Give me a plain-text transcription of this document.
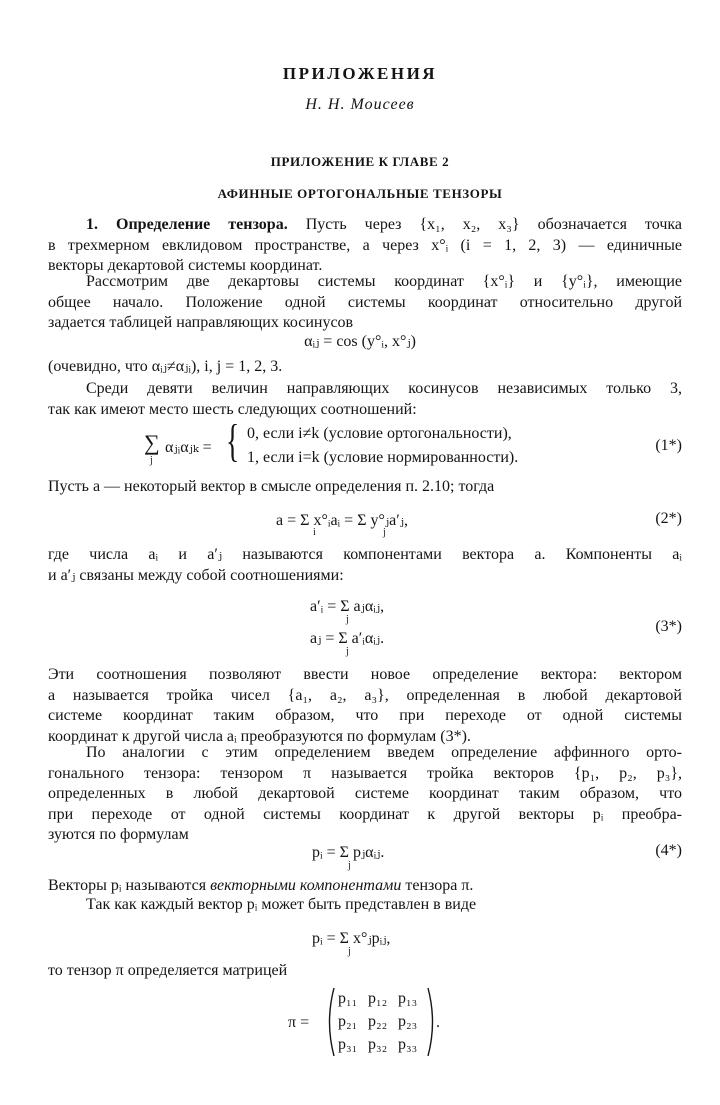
ПРИЛОЖЕНИЯ
Н. Н. Моисеев
ПРИЛОЖЕНИЕ К ГЛАВЕ 2
АФИННЫЕ ОРТОГОНАЛЬНЫЕ ТЕНЗОРЫ
1. Определение тензора. Пусть через {x₁, x₂, x₃} обозначается точка
в трехмерном евклидовом пространстве, а через x°ᵢ (i = 1, 2, 3) — единичные
векторы декартовой системы координат.
Рассмотрим две декартовы системы координат {x°ᵢ} и {y°ᵢ}, имеющие
общее начало. Положение одной системы координат относительно другой
задается таблицей направляющих косинусов
αᵢⱼ = cos (y°ᵢ, x°ⱼ)
(очевидно, что αᵢⱼ≠αⱼᵢ), i, j = 1, 2, 3.
Среди девяти величин направляющих косинусов независимых только 3,
так как имеют место шесть следующих соотношений:
∑
j
αⱼᵢαⱼₖ = { 0, если i≠k (условие ортогональности),
1, если i=k (условие нормированности).
(1*)
Пусть a — некоторый вектор в смысле определения п. 2.10; тогда
a = Σ x°ᵢaᵢ = Σ y°ⱼa′ⱼ,
i	j
(2*)
где числа aᵢ и a′ⱼ называются компонентами вектора a. Компоненты aᵢ
и a′ⱼ связаны между собой соотношениями:
a′ᵢ = Σ aⱼαᵢⱼ,
j
aⱼ = Σ a′ᵢαᵢⱼ.
j
(3*)
Эти соотношения позволяют ввести новое определение вектора: вектором
a называется тройка чисел {a₁, a₂, a₃}, определенная в любой декартовой
системе координат таким образом, что при переходе от одной системы
координат к другой числа aᵢ преобразуются по формулам (3*).
По аналогии с этим определением введем определение аффинного орто-
гонального тензора: тензором π называется тройка векторов {p₁, p₂, p₃},
определенных в любой декартовой системе координат таким образом, что
при переходе от одной системы координат к другой векторы pᵢ преобра-
зуются по формулам
pᵢ = Σ pⱼαᵢⱼ.
j
(4*)
Векторы pᵢ называются векторными компонентами тензора π.
Так как каждый вектор pᵢ может быть представлен в виде
pᵢ = Σ x°ⱼpᵢⱼ,
j
то тензор π определяется матрицей
π =
p₁₁ p₁₂ p₁₃
p₂₁ p₂₂ p₂₃
p₃₁ p₃₂ p₃₃
.
